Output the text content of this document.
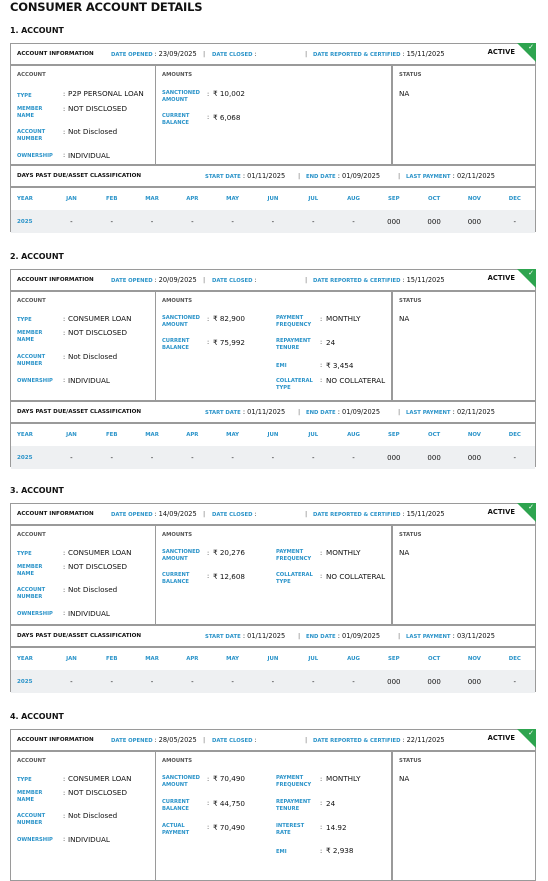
CONSUMER ACCOUNT DETAILS
1. ACCOUNT
ACCOUNT INFORMATION	DATE OPENED : 23/09/2025 | DATE CLOSED :	| DATE REPORTED & CERTIFIED : 15/11/2025	ACTIVE
✓
ACCOUNT
TYPE	: P2P PERSONAL LOAN
MEMBER NAME
: NOT DISCLOSED
ACCOUNT NUMBER
: Not Disclosed
OWNERSHIP : INDIVIDUAL
AMOUNTS
SANCTIONED AMOUNT
: ₹ 10,002
CURRENT BALANCE
: ₹ 6,068
STATUS
NA
DAYS PAST DUE/ASSET CLASSIFICATION	START DATE : 01/11/2025 | END DATE : 01/09/2025	| LAST PAYMENT : 02/11/2025
YEAR	JAN	FEB	MAR	APR	MAY	JUN	JUL	AUG	SEP	OCT	NOV	DEC
2025	-	-	-	-	-	-	-	-	000	000	000	-
2. ACCOUNT
ACCOUNT INFORMATION	DATE OPENED : 20/09/2025 | DATE CLOSED :	| DATE REPORTED & CERTIFIED : 15/11/2025	ACTIVE
✓
ACCOUNT
TYPE	: CONSUMER LOAN
MEMBER NAME
: NOT DISCLOSED
ACCOUNT NUMBER
: Not Disclosed
OWNERSHIP : INDIVIDUAL
AMOUNTS
SANCTIONED AMOUNT
: ₹ 82,900
CURRENT BALANCE
: ₹ 75,992
PAYMENT FREQUENCY
: MONTHLY
REPAYMENT TENURE
: 24
EMI	: ₹ 3,454
COLLATERAL TYPE
: NO COLLATERAL
STATUS
NA
DAYS PAST DUE/ASSET CLASSIFICATION	START DATE : 01/11/2025 | END DATE : 01/09/2025	| LAST PAYMENT : 02/11/2025
YEAR	JAN	FEB	MAR	APR	MAY	JUN	JUL	AUG	SEP	OCT	NOV	DEC
2025	-	-	-	-	-	-	-	-	000	000	000	-
3. ACCOUNT
ACCOUNT INFORMATION	DATE OPENED : 14/09/2025 | DATE CLOSED :	| DATE REPORTED & CERTIFIED : 15/11/2025	ACTIVE
✓
ACCOUNT
TYPE	: CONSUMER LOAN
MEMBER NAME
: NOT DISCLOSED
ACCOUNT NUMBER
: Not Disclosed
OWNERSHIP : INDIVIDUAL
AMOUNTS
SANCTIONED AMOUNT
: ₹ 20,276
CURRENT BALANCE
: ₹ 12,608
PAYMENT FREQUENCY
: MONTHLY
COLLATERAL TYPE
: NO COLLATERAL
STATUS
NA
DAYS PAST DUE/ASSET CLASSIFICATION	START DATE : 01/11/2025 | END DATE : 01/09/2025	| LAST PAYMENT : 03/11/2025
YEAR	JAN	FEB	MAR	APR	MAY	JUN	JUL	AUG	SEP	OCT	NOV	DEC
2025	-	-	-	-	-	-	-	-	000	000	000	-
4. ACCOUNT
ACCOUNT INFORMATION	DATE OPENED : 28/05/2025 | DATE CLOSED :	| DATE REPORTED & CERTIFIED : 22/11/2025	ACTIVE
✓
ACCOUNT
TYPE	: CONSUMER LOAN
MEMBER NAME
: NOT DISCLOSED
ACCOUNT NUMBER
: Not Disclosed
OWNERSHIP : INDIVIDUAL
AMOUNTS
SANCTIONED AMOUNT
: ₹ 70,490
CURRENT BALANCE
: ₹ 44,750
ACTUAL PAYMENT
: ₹ 70,490
PAYMENT FREQUENCY
: MONTHLY
REPAYMENT TENURE
: 24
INTEREST RATE
: 14.92
EMI	: ₹ 2,938
STATUS
NA
